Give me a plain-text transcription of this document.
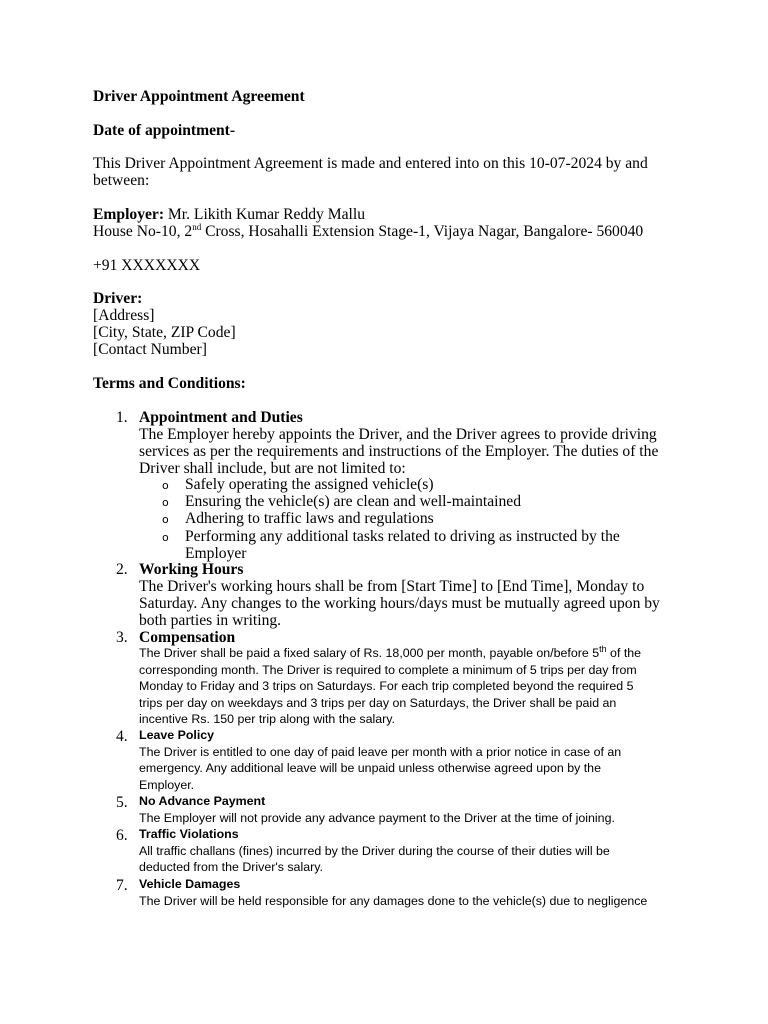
Driver Appointment Agreement
Date of appointment-
This Driver Appointment Agreement is made and entered into on this 10-07-2024 by and
between:
Employer: Mr. Likith Kumar Reddy Mallu
House No-10, 2nd Cross, Hosahalli Extension Stage-1, Vijaya Nagar, Bangalore- 560040
+91 XXXXXXX
Driver:
[Address]
[City, State, ZIP Code]
[Contact Number]
Terms and Conditions:
1. Appointment and Duties
The Employer hereby appoints the Driver, and the Driver agrees to provide driving
services as per the requirements and instructions of the Employer. The duties of the
Driver shall include, but are not limited to:
o	Safely operating the assigned vehicle(s)
o	Ensuring the vehicle(s) are clean and well-maintained
o	Adhering to traffic laws and regulations
o	Performing any additional tasks related to driving as instructed by the
Employer
2. Working Hours
The Driver's working hours shall be from [Start Time] to [End Time], Monday to
Saturday. Any changes to the working hours/days must be mutually agreed upon by
both parties in writing.
3. Compensation
The Driver shall be paid a fixed salary of Rs. 18,000 per month, payable on/before 5th of the
corresponding month. The Driver is required to complete a minimum of 5 trips per day from
Monday to Friday and 3 trips on Saturdays. For each trip completed beyond the required 5
trips per day on weekdays and 3 trips per day on Saturdays, the Driver shall be paid an
incentive Rs. 150 per trip along with the salary.
4. Leave Policy
The Driver is entitled to one day of paid leave per month with a prior notice in case of an
emergency. Any additional leave will be unpaid unless otherwise agreed upon by the
Employer.
5. No Advance Payment
The Employer will not provide any advance payment to the Driver at the time of joining.
6. Traffic Violations
All traffic challans (fines) incurred by the Driver during the course of their duties will be
deducted from the Driver's salary.
7. Vehicle Damages
The Driver will be held responsible for any damages done to the vehicle(s) due to negligence
